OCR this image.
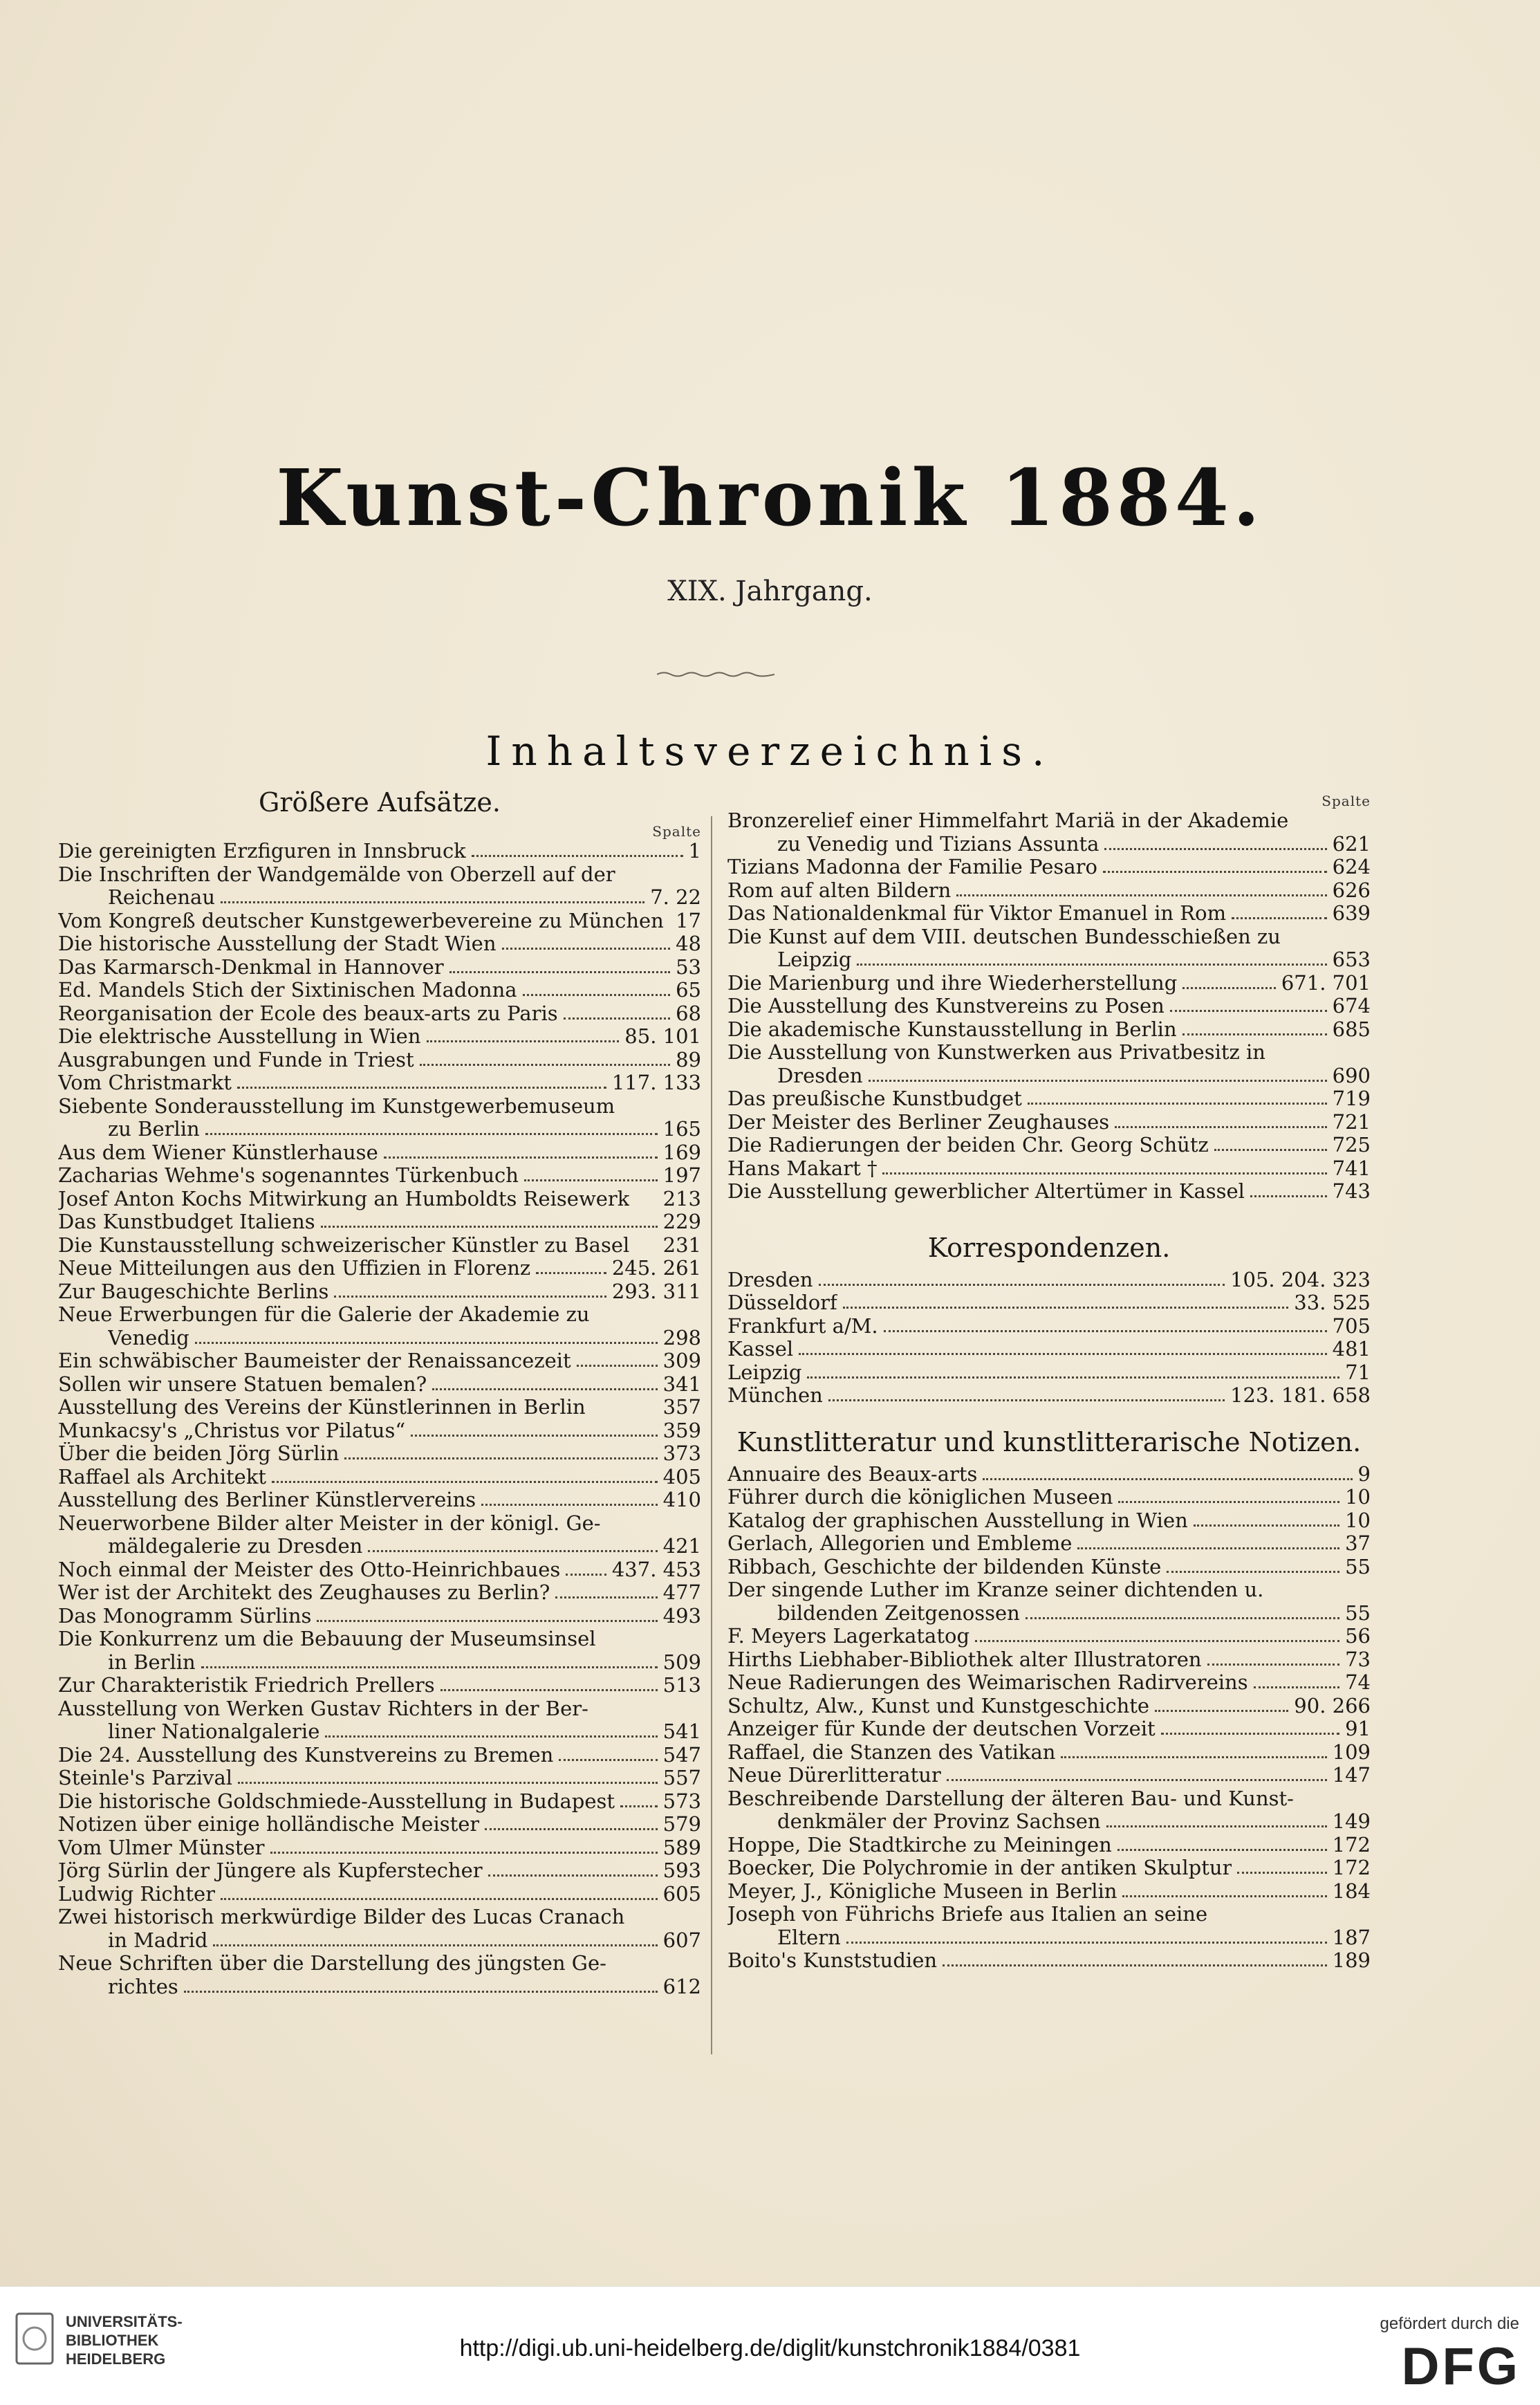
Kunst-Chronik 1884.
XIX. Jahrgang.
Inhaltsverzeichnis.
Größere Aufsätze.
Spalte
Die gereinigten Erzfiguren in Innsbruck	1
Die Inschriften der Wandgemälde von Oberzell auf der
Reichenau	7. 22
Vom Kongreß deutscher Kunstgewerbevereine zu München 17
Die historische Ausstellung der Stadt Wien	48
Das Karmarsch-Denkmal in Hannover	53
Ed. Mandels Stich der Sixtinischen Madonna	65
Reorganisation der Ecole des beaux-arts zu Paris	68
Die elektrische Ausstellung in Wien	85. 101
Ausgrabungen und Funde in Triest	89
Vom Christmarkt	117. 133
Siebente Sonderausstellung im Kunstgewerbemuseum
zu Berlin	165
Aus dem Wiener Künstlerhause	169
Zacharias Wehme's sogenanntes Türkenbuch	197
Josef Anton Kochs Mitwirkung an Humboldts Reisewerk 213
Das Kunstbudget Italiens	229
Die Kunstausstellung schweizerischer Künstler zu Basel 231
Neue Mitteilungen aus den Uffizien in Florenz	245. 261
Zur Baugeschichte Berlins	293. 311
Neue Erwerbungen für die Galerie der Akademie zu
Venedig	298
Ein schwäbischer Baumeister der Renaissancezeit	309
Sollen wir unsere Statuen bemalen?	341
Ausstellung des Vereins der Künstlerinnen in Berlin	357
Munkacsy's „Christus vor Pilatus“	359
Über die beiden Jörg Sürlin	373
Raffael als Architekt	405
Ausstellung des Berliner Künstlervereins	410
Neuerworbene Bilder alter Meister in der königl. Ge-
mäldegalerie zu Dresden	421
Noch einmal der Meister des Otto-Heinrichbaues	437. 453
Wer ist der Architekt des Zeughauses zu Berlin?	477
Das Monogramm Sürlins	493
Die Konkurrenz um die Bebauung der Museumsinsel
in Berlin	509
Zur Charakteristik Friedrich Prellers	513
Ausstellung von Werken Gustav Richters in der Ber-
liner Nationalgalerie	541
Die 24. Ausstellung des Kunstvereins zu Bremen	547
Steinle's Parzival	557
Die historische Goldschmiede-Ausstellung in Budapest 573
Notizen über einige holländische Meister	579
Vom Ulmer Münster	589
Jörg Sürlin der Jüngere als Kupferstecher	593
Ludwig Richter	605
Zwei historisch merkwürdige Bilder des Lucas Cranach
in Madrid	607
Neue Schriften über die Darstellung des jüngsten Ge-
richtes	612
Spalte
Bronzerelief einer Himmelfahrt Mariä in der Akademie
zu Venedig und Tizians Assunta	621
Tizians Madonna der Familie Pesaro	624
Rom auf alten Bildern	626
Das Nationaldenkmal für Viktor Emanuel in Rom	639
Die Kunst auf dem VIII. deutschen Bundesschießen zu
Leipzig	653
Die Marienburg und ihre Wiederherstellung	671. 701
Die Ausstellung des Kunstvereins zu Posen	674
Die akademische Kunstausstellung in Berlin	685
Die Ausstellung von Kunstwerken aus Privatbesitz in
Dresden	690
Das preußische Kunstbudget	719
Der Meister des Berliner Zeughauses	721
Die Radierungen der beiden Chr. Georg Schütz	725
Hans Makart †	741
Die Ausstellung gewerblicher Altertümer in Kassel	743
Korrespondenzen.
Dresden	105. 204. 323
Düsseldorf	33. 525
Frankfurt a/M.	705
Kassel	481
Leipzig	71
München	123. 181. 658
Kunstlitteratur und kunstlitterarische Notizen.
Annuaire des Beaux-arts	9
Führer durch die königlichen Museen	10
Katalog der graphischen Ausstellung in Wien	10
Gerlach, Allegorien und Embleme	37
Ribbach, Geschichte der bildenden Künste	55
Der singende Luther im Kranze seiner dichtenden u.
bildenden Zeitgenossen	55
F. Meyers Lagerkatatog	56
Hirths Liebhaber-Bibliothek alter Illustratoren	73
Neue Radierungen des Weimarischen Radirvereins	74
Schultz, Alw., Kunst und Kunstgeschichte	90. 266
Anzeiger für Kunde der deutschen Vorzeit	91
Raffael, die Stanzen des Vatikan	109
Neue Dürerlitteratur	147
Beschreibende Darstellung der älteren Bau- und Kunst-
denkmäler der Provinz Sachsen	149
Hoppe, Die Stadtkirche zu Meiningen	172
Boecker, Die Polychromie in der antiken Skulptur	172
Meyer, J., Königliche Museen in Berlin	184
Joseph von Führichs Briefe aus Italien an seine
Eltern	187
Boito's Kunststudien	189
UNIVERSITÄTS-
BIBLIOTHEK
HEIDELBERG	http://digi.ub.uni-heidelberg.de/diglit/kunstchronik1884/0381
gefördert durch die
DFG
